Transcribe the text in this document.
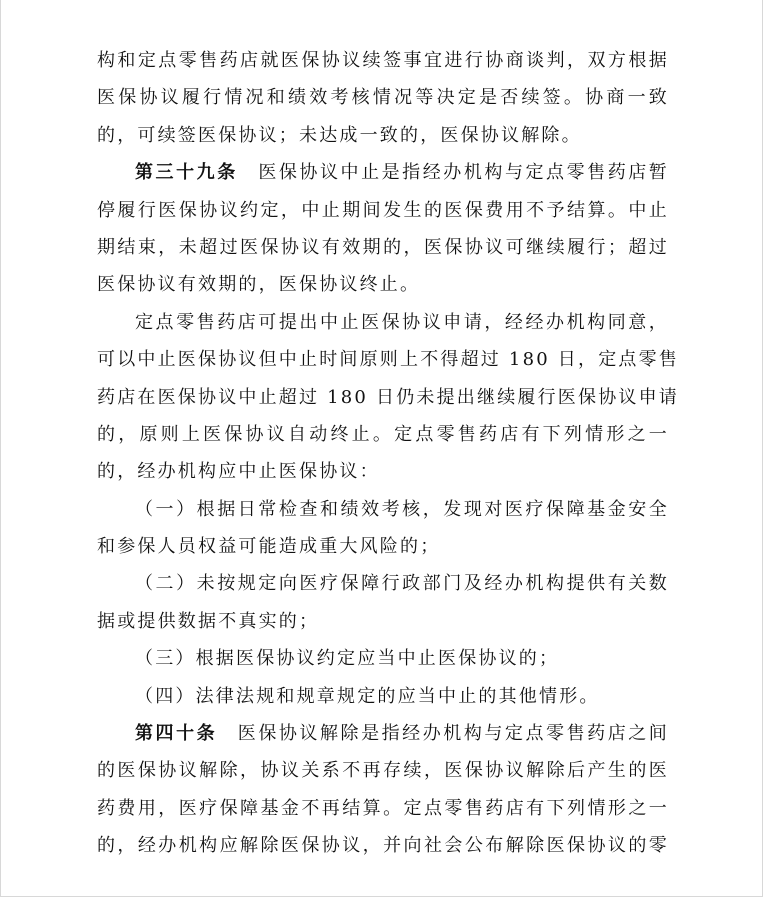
构和定点零售药店就医保协议续签事宜进行协商谈判，双方根据
医保协议履行情况和绩效考核情况等决定是否续签。协商一致
的，可续签医保协议；未达成一致的，医保协议解除。
第三十九条　医保协议中止是指经办机构与定点零售药店暂
停履行医保协议约定，中止期间发生的医保费用不予结算。中止
期结束，未超过医保协议有效期的，医保协议可继续履行；超过
医保协议有效期的，医保协议终止。
定点零售药店可提出中止医保协议申请，经经办机构同意，
可以中止医保协议但中止时间原则上不得超过 180 日，定点零售
药店在医保协议中止超过 180 日仍未提出继续履行医保协议申请
的，原则上医保协议自动终止。定点零售药店有下列情形之一
的，经办机构应中止医保协议：
（一）根据日常检查和绩效考核，发现对医疗保障基金安全
和参保人员权益可能造成重大风险的；
（二）未按规定向医疗保障行政部门及经办机构提供有关数
据或提供数据不真实的；
（三）根据医保协议约定应当中止医保协议的；
（四）法律法规和规章规定的应当中止的其他情形。
第四十条　医保协议解除是指经办机构与定点零售药店之间
的医保协议解除，协议关系不再存续，医保协议解除后产生的医
药费用，医疗保障基金不再结算。定点零售药店有下列情形之一
的，经办机构应解除医保协议，并向社会公布解除医保协议的零
